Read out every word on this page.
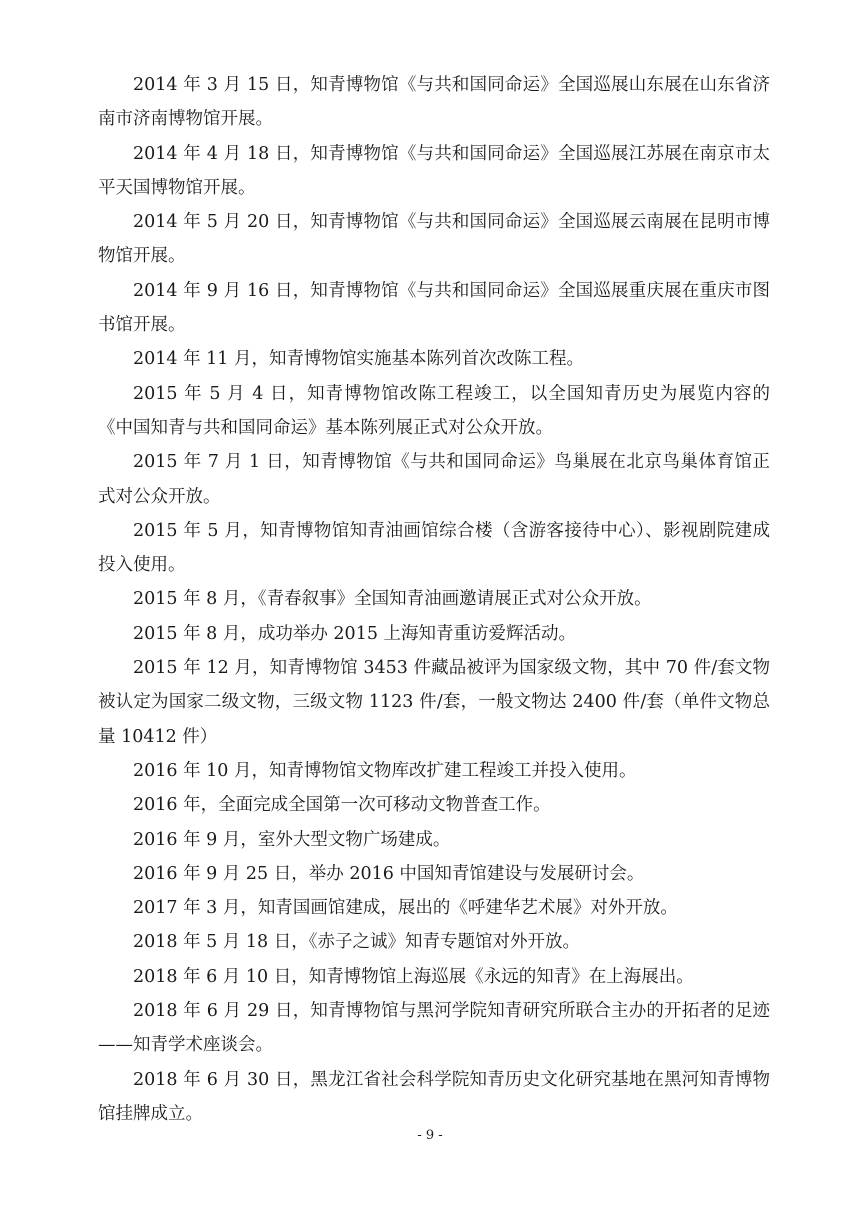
2014 年 3 月 15 日，知青博物馆《与共和国同命运》全国巡展山东展在山东省济南市济南博物馆开展。

2014 年 4 月 18 日，知青博物馆《与共和国同命运》全国巡展江苏展在南京市太平天国博物馆开展。

2014 年 5 月 20 日，知青博物馆《与共和国同命运》全国巡展云南展在昆明市博物馆开展。

2014 年 9 月 16 日，知青博物馆《与共和国同命运》全国巡展重庆展在重庆市图书馆开展。

2014 年 11 月，知青博物馆实施基本陈列首次改陈工程。

2015 年 5 月 4 日，知青博物馆改陈工程竣工，以全国知青历史为展览内容的《中国知青与共和国同命运》基本陈列展正式对公众开放。

2015 年 7 月 1 日，知青博物馆《与共和国同命运》鸟巢展在北京鸟巢体育馆正式对公众开放。

2015 年 5 月，知青博物馆知青油画馆综合楼（含游客接待中心）、影视剧院建成投入使用。

2015 年 8 月，《青春叙事》全国知青油画邀请展正式对公众开放。

2015 年 8 月，成功举办 2015 上海知青重访爱辉活动。

2015 年 12 月，知青博物馆 3453 件藏品被评为国家级文物，其中 70 件/套文物被认定为国家二级文物，三级文物 1123 件/套，一般文物达 2400 件/套（单件文物总量 10412 件）

2016 年 10 月，知青博物馆文物库改扩建工程竣工并投入使用。

2016 年，全面完成全国第一次可移动文物普查工作。

2016 年 9 月，室外大型文物广场建成。

2016 年 9 月 25 日，举办 2016 中国知青馆建设与发展研讨会。

2017 年 3 月，知青国画馆建成，展出的《呼建华艺术展》对外开放。

2018 年 5 月 18 日，《赤子之诚》知青专题馆对外开放。

2018 年 6 月 10 日，知青博物馆上海巡展《永远的知青》在上海展出。

2018 年 6 月 29 日，知青博物馆与黑河学院知青研究所联合主办的开拓者的足迹——知青学术座谈会。

2018 年 6 月 30 日，黑龙江省社会科学院知青历史文化研究基地在黑河知青博物馆挂牌成立。

- 9 -
